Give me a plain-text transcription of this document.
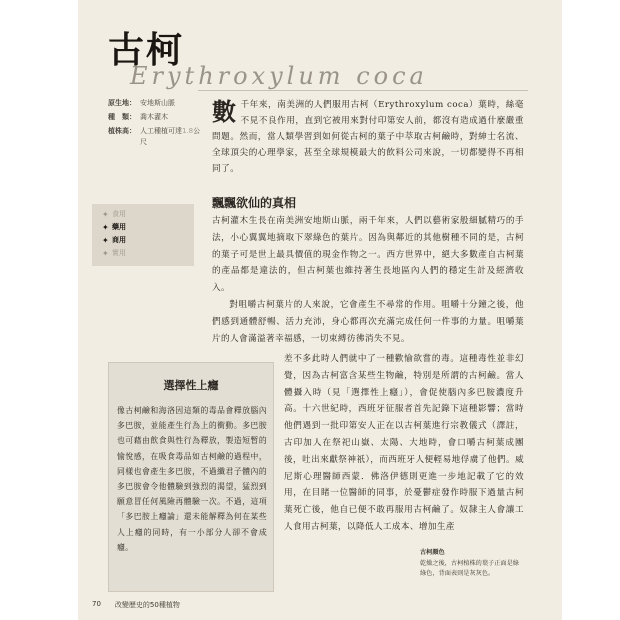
古柯
Erythroxylum coca
原生地： 安地斯山脈
種　類： 喬木灌木
植株高： 人工種植可達1.8公尺
數千年來，南美洲的人們服用古柯（Erythroxylum coca）葉時，絲毫不見不良作用，直到它被用來對付印第安人前，都沒有造成過什麼嚴重問題。然而，當人類學習到如何從古柯的葉子中萃取古柯鹼時，對紳士名流、全球頂尖的心理學家，甚至全球規模最大的飲料公司來說，一切都變得不再相同了。
飄飄欲仙的真相
✦ 食用
✦ 藥用
✦ 商用
✦ 實用

古柯灌木生長在南美洲安地斯山脈，兩千年來，人們以藝術家般細膩精巧的手法，小心翼翼地摘取下翠綠色的葉片。因為與鄰近的其他樹種不同的是，古柯的葉子可是世上最具價值的現金作物之一。西方世界中，絕大多數產自古柯葉的產品都是違法的，但古柯葉也維持著生長地區內人們的穩定生計及經濟收入。

對咀嚼古柯葉片的人來說，它會產生不尋常的作用。咀嚼十分鐘之後，他們感到通體舒暢、活力充沛，身心都再次充滿完成任何一件事的力量。咀嚼葉片的人會滿溢著幸福感，一切束縛彷彿消失不見。

差不多此時人們就中了一種歡愉欲嘗的毒。這種毒性並非幻覺，因為古柯富含某些生物鹼，特別是所謂的古柯鹼。當人體攝入時（見「選擇性上癮」），會促使腦內多巴胺濃度升高。十六世紀時，西班牙征服者首先記錄下這種影響；當時他們遇到一批印第安人正在以古柯葉進行宗教儀式（譯註，古印加人在祭祀山嶽、太陽、大地時，會口嚼古柯葉成團後，吐出來獻祭神祇），而西班牙人便輕易地俘虜了他們。威尼斯心理醫師西蒙．佛洛伊德則更進一步地記載了它的效用，在目睹一位醫師的同事，於憂鬱症發作時服下過量古柯葉死亡後，他自已便不敢再服用古柯鹼了。奴隸主人會讓工人食用古柯葉，以降低人工成本、增加生產

選擇性上癮

像古柯鹼和海洛因這類的毒品會釋放腦內多巴胺，並能產生行為上的衝動。多巴胺也可藉由飲食與性行為釋放，製造短暫的愉悅感，在吸食毒品如古柯鹼的過程中，同樣也會產生多巴胺，不過纖君子體內的多巴胺會令他體驗到強烈的渴望，猛烈到願意冒任何風險再體驗一次。不過，這項「多巴胺上癮論」還未能解釋為何在某些人上癮的同時，有一小部分人卻不會成癮。

古柯顏色
乾燥之後，古柯植株的葉子正面是綠綠色，背面表則是灰灰色。
70 改變歷史的50種植物
